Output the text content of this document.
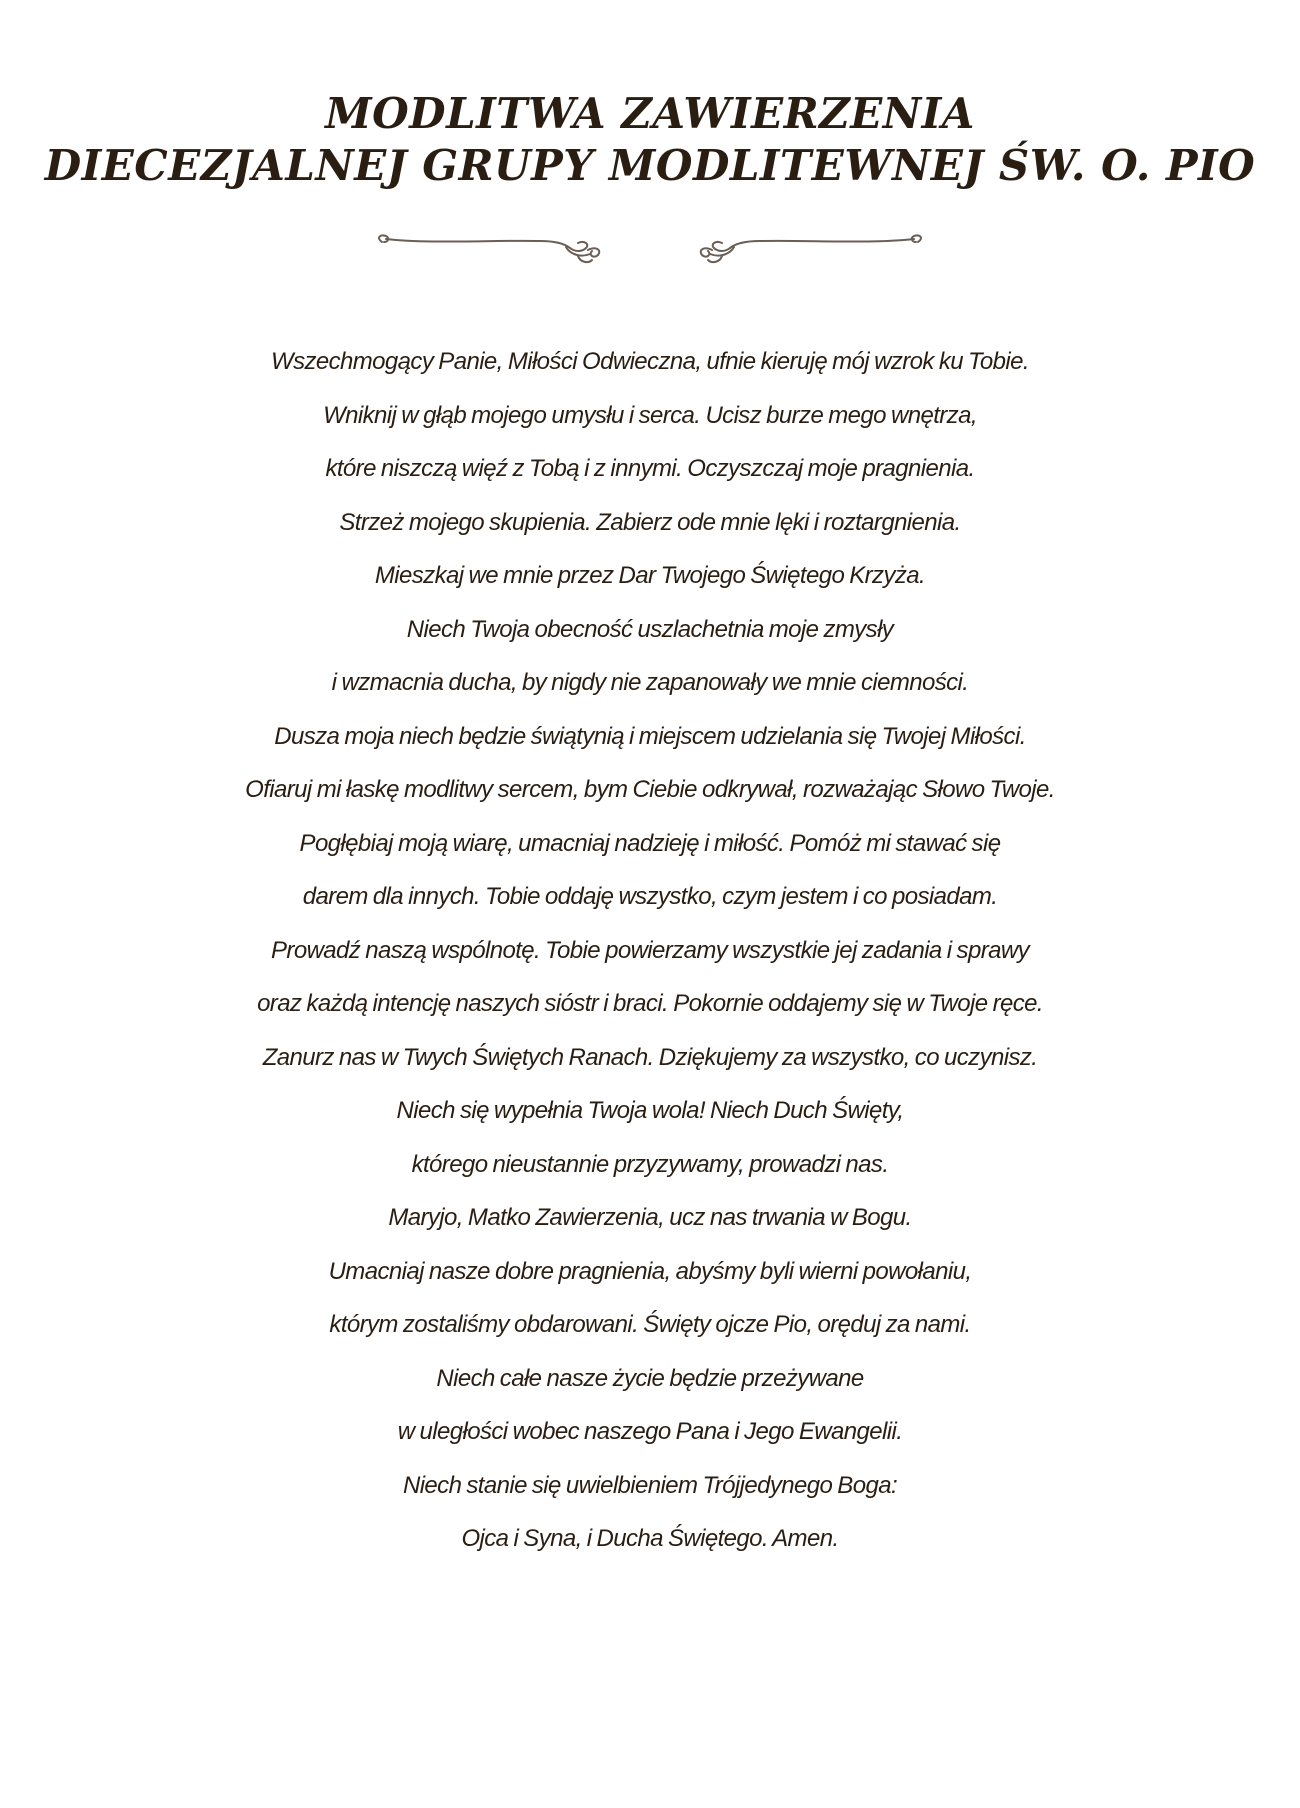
MODLITWA ZAWIERZENIA
DIECEZJALNEJ GRUPY MODLITEWNEJ ŚW. O. PIO
Wszechmogący Panie, Miłości Odwieczna, ufnie kieruję mój wzrok ku Tobie.
Wniknij w głąb mojego umysłu i serca. Ucisz burze mego wnętrza,
które niszczą więź z Tobą i z innymi. Oczyszczaj moje pragnienia.
Strzeż mojego skupienia. Zabierz ode mnie lęki i roztargnienia.
Mieszkaj we mnie przez Dar Twojego Świętego Krzyża.
Niech Twoja obecność uszlachetnia moje zmysły
i wzmacnia ducha, by nigdy nie zapanowały we mnie ciemności.
Dusza moja niech będzie świątynią i miejscem udzielania się Twojej Miłości.
Ofiaruj mi łaskę modlitwy sercem, bym Ciebie odkrywał, rozważając Słowo Twoje.
Pogłębiaj moją wiarę, umacniaj nadzieję i miłość. Pomóż mi stawać się
darem dla innych. Tobie oddaję wszystko, czym jestem i co posiadam.
Prowadź naszą wspólnotę. Tobie powierzamy wszystkie jej zadania i sprawy
oraz każdą intencję naszych sióstr i braci. Pokornie oddajemy się w Twoje ręce.
Zanurz nas w Twych Świętych Ranach. Dziękujemy za wszystko, co uczynisz.
Niech się wypełnia Twoja wola! Niech Duch Święty,
którego nieustannie przyzywamy, prowadzi nas.
Maryjo, Matko Zawierzenia, ucz nas trwania w Bogu.
Umacniaj nasze dobre pragnienia, abyśmy byli wierni powołaniu,
którym zostaliśmy obdarowani. Święty ojcze Pio, oręduj za nami.
Niech całe nasze życie będzie przeżywane
w uległości wobec naszego Pana i Jego Ewangelii.
Niech stanie się uwielbieniem Trójjedynego Boga:
Ojca i Syna, i Ducha Świętego. Amen.
